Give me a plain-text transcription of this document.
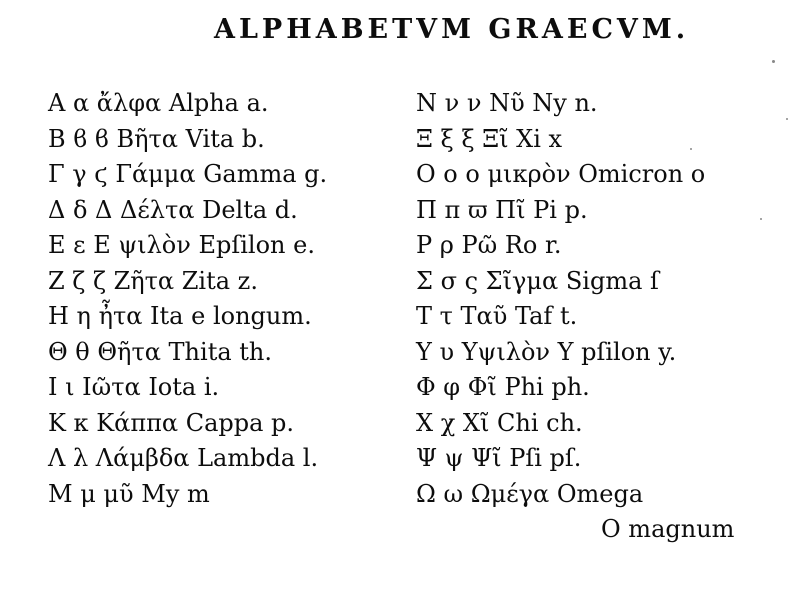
ALPHABETVM GRAECVM.
Α α ἄλφα Alpha a.
Β ϐ ϐ Βῆτα Vita b.
Γ γ ϛ Γάμμα Gamma g.
Δ δ Δ Δέλτα Delta d.
Ε ε Ε ψιλὸν Epſilon e.
Ζ ζ ζ Ζῆτα Zita z.
Η η ἦτα Ita e longum.
Θ θ Θῆτα Thita th.
Ι ι Ιῶτα Iota i.
Κ κ Κάππα Cappa p.
Λ λ Λάμβδα Lambda l.
Μ μ μῦ My m
Ν ν ν Νῦ Ny n.
Ξ ξ ξ Ξῖ Xi x
Ο ο ο μικρὸν Omicron o
Π π ϖ Πῖ Pi p.
Ρ ρ Ρῶ Ro r.
Σ σ ς Σῖγμα Sigma ſ
Τ τ Ταῦ Taf t.
Υ υ Υψιλὸν Y pſilon y.
Φ φ Φῖ Phi ph.
Χ χ Χῖ Chi ch.
Ψ ψ Ψῖ Pſi pſ.
Ω ω Ωμέγα Omega
O magnum
